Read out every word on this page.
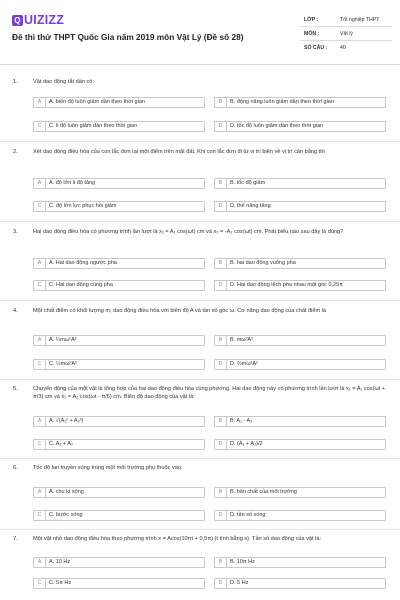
Q UIZIZZ
Đề thi thử THPT Quốc Gia năm 2019 môn Vật Lý (Đề số 28)
LỚP :	Tốt nghiệp THPT
MÔN :	Vật lý
SỐ CÂU : 40
1.	Vật dao động tắt dần có:
A	A. biên độ luôn giảm dần theo thời gian	B	B. động năng luôn giảm dần theo thời gian
C	C. li độ luôn giảm dần theo thời gian	D	D. tốc độ luôn giảm dần theo thời gian
2.	Xét dao động điều hòa của con lắc đơn tại một điểm trên mặt đất. Khi con lắc đơn đi từ vị trí biên về vị trí cân bằng thì
A	A. độ lớn li độ tăng	B	B. tốc độ giảm
C	C. độ lớn lực phục hồi giảm	D	D. thế năng tăng
3.	Hai dao động điều hòa có phương trình lần lượt là x₁ = A₁ cos(ωt) cm và x₂ = -A₂ cos(ωt) cm. Phát biểu nào sau đây là đúng?
A	A. Hai dao động ngược pha	B	B. hai dao động vuông pha
C	C. Hai dao động cùng pha	D	D. Hai dao động lệch pha nhau một góc 0,25π
4.	Một chất điểm có khối lượng m, dao động điều hòa với biên độ A và tần số góc ω. Cơ năng dao động của chất điểm là
A	A. ¼mω²A²	B	B. mω²A²
C	C. ½mω²A²	D	D. ⅔mω²A²
5.	Chuyển động của một vật là tổng hợp của hai dao động điều hòa cùng phương. Hai dao động này có phương trình lần lượt là x₁ = A₁ cos(ωt + π/3) cm và x₂ = A₂ cos(ωt - π/6) cm. Biên độ dao động của vật là:
A	A. √(A₁² + A₂²)	B	B. A₁ - A₂
C	C. A₁ + A₂	D	D. (A₁ + A₂)/2
6.	Tốc độ lan truyền sóng trong một môi trường phụ thuộc vào:
A	A. chu kì sóng	B	B. bản chất của môi trường
C	C. bước sóng	D	D. tần số sóng
7.	Một vật nhỏ dao động điều hòa theo phương trình x = Acos(10πt + 0,5π) (t tính bằng s). Tần số dao động của vật là:
A	A. 10 Hz	B	B. 10π Hz
C	C. 5π Hz	D	D. 5 Hz
